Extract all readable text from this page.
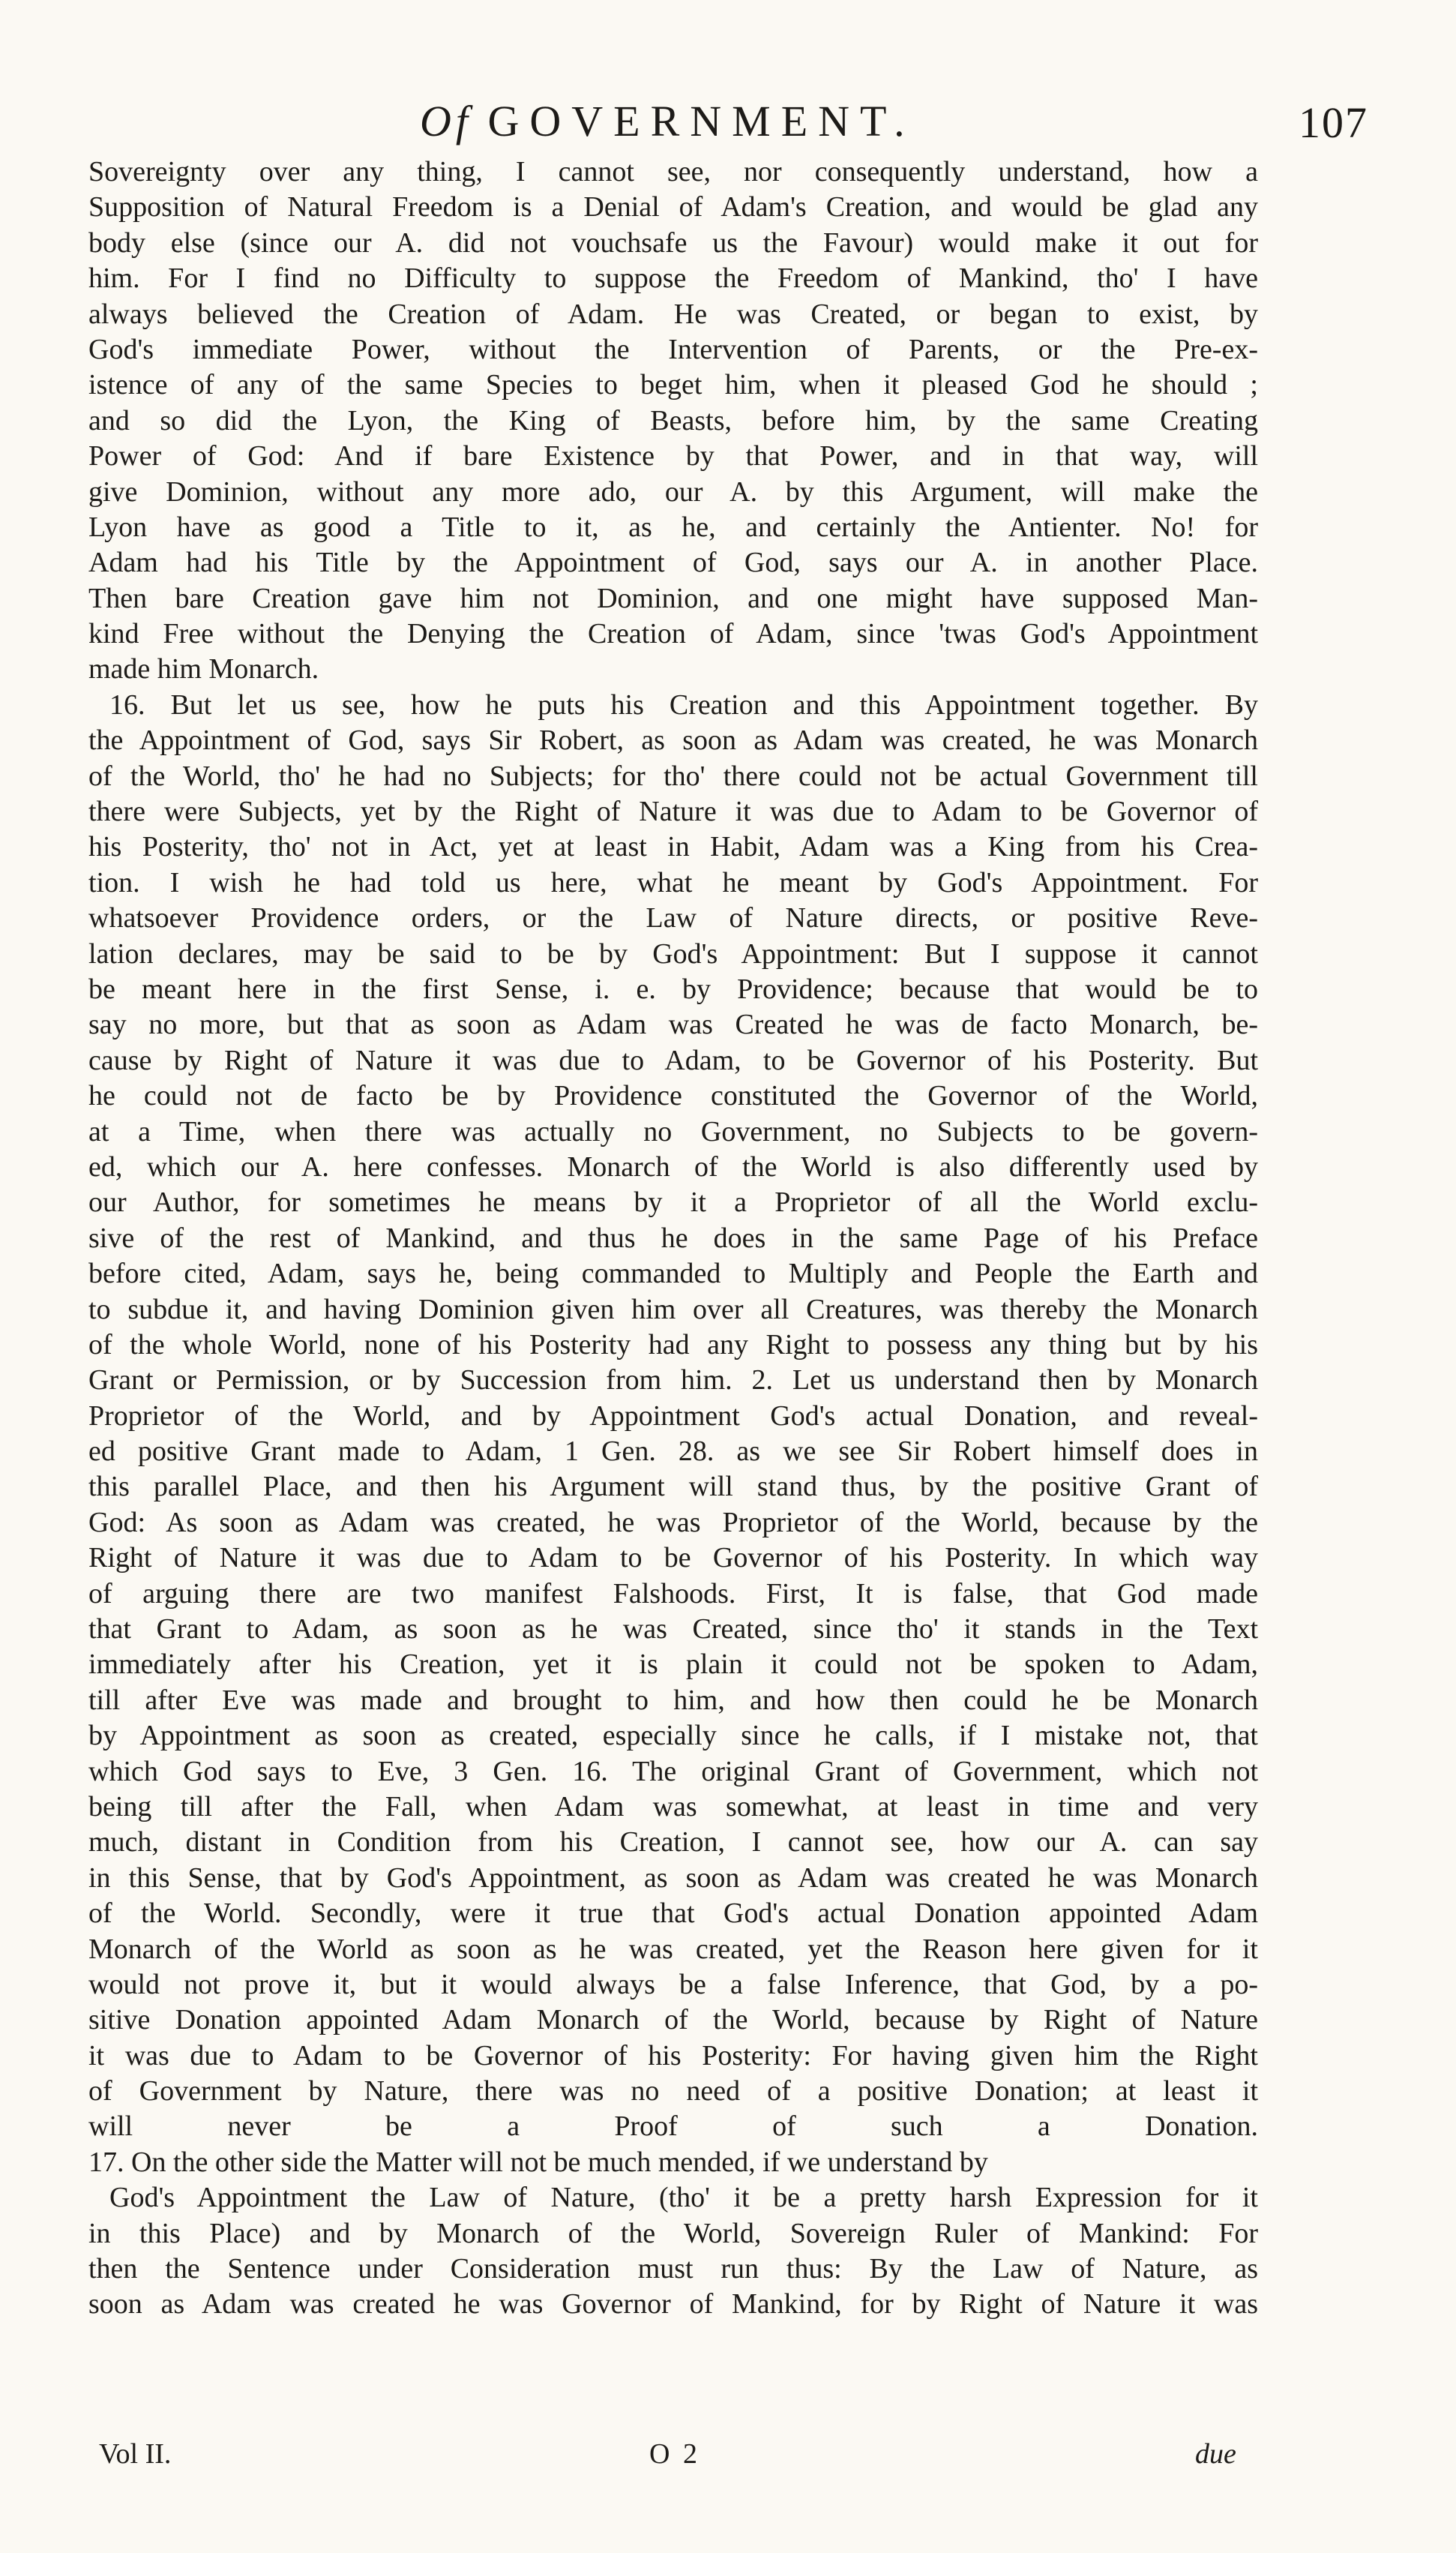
Of GOVERNMENT.	107
Sovereignty over any thing, I cannot see, nor consequently understand, how a
Supposition of Natural Freedom is a Denial of Adam's Creation, and would be glad any
body else (since our A. did not vouchsafe us the Favour) would make it out for
him. For I find no Difficulty to suppose the Freedom of Mankind, tho' I have
always believed the Creation of Adam. He was Created, or began to exist, by
God's immediate Power, without the Intervention of Parents, or the Pre-ex-
istence of any of the same Species to beget him, when it pleased God he should ;
and so did the Lyon, the King of Beasts, before him, by the same Creating
Power of God: And if bare Existence by that Power, and in that way, will
give Dominion, without any more ado, our A. by this Argument, will make the
Lyon have as good a Title to it, as he, and certainly the Antienter. No! for
Adam had his Title by the Appointment of God, says our A. in another Place.
Then bare Creation gave him not Dominion, and one might have supposed Man-
kind Free without the Denying the Creation of Adam, since 'twas God's Appointment
made him Monarch.
16. But let us see, how he puts his Creation and this Appointment together. By
the Appointment of God, says Sir Robert, as soon as Adam was created, he was Monarch
of the World, tho' he had no Subjects; for tho' there could not be actual Government till
there were Subjects, yet by the Right of Nature it was due to Adam to be Governor of
his Posterity, tho' not in Act, yet at least in Habit, Adam was a King from his Crea-
tion. I wish he had told us here, what he meant by God's Appointment. For
whatsoever Providence orders, or the Law of Nature directs, or positive Reve-
lation declares, may be said to be by God's Appointment: But I suppose it cannot
be meant here in the first Sense, i. e. by Providence; because that would be to
say no more, but that as soon as Adam was Created he was de facto Monarch, be-
cause by Right of Nature it was due to Adam, to be Governor of his Posterity. But
he could not de facto be by Providence constituted the Governor of the World,
at a Time, when there was actually no Government, no Subjects to be govern-
ed, which our A. here confesses. Monarch of the World is also differently used by
our Author, for sometimes he means by it a Proprietor of all the World exclu-
sive of the rest of Mankind, and thus he does in the same Page of his Preface
before cited, Adam, says he, being commanded to Multiply and People the Earth and
to subdue it, and having Dominion given him over all Creatures, was thereby the Monarch
of the whole World, none of his Posterity had any Right to possess any thing but by his
Grant or Permission, or by Succession from him. 2. Let us understand then by Monarch
Proprietor of the World, and by Appointment God's actual Donation, and reveal-
ed positive Grant made to Adam, 1 Gen. 28. as we see Sir Robert himself does in
this parallel Place, and then his Argument will stand thus, by the positive Grant of
God: As soon as Adam was created, he was Proprietor of the World, because by the
Right of Nature it was due to Adam to be Governor of his Posterity. In which way
of arguing there are two manifest Falshoods. First, It is false, that God made
that Grant to Adam, as soon as he was Created, since tho' it stands in the Text
immediately after his Creation, yet it is plain it could not be spoken to Adam,
till after Eve was made and brought to him, and how then could he be Monarch
by Appointment as soon as created, especially since he calls, if I mistake not, that
which God says to Eve, 3 Gen. 16. The original Grant of Government, which not
being till after the Fall, when Adam was somewhat, at least in time and very
much, distant in Condition from his Creation, I cannot see, how our A. can say
in this Sense, that by God's Appointment, as soon as Adam was created he was Monarch
of the World. Secondly, were it true that God's actual Donation appointed Adam
Monarch of the World as soon as he was created, yet the Reason here given for it
would not prove it, but it would always be a false Inference, that God, by a po-
sitive Donation appointed Adam Monarch of the World, because by Right of Nature
it was due to Adam to be Governor of his Posterity: For having given him the Right
of Government by Nature, there was no need of a positive Donation; at least it
will never be a Proof of such a Donation.
17. On the other side the Matter will not be much mended, if we understand by
God's Appointment the Law of Nature, (tho' it be a pretty harsh Expression for it
in this Place) and by Monarch of the World, Sovereign Ruler of Mankind: For
then the Sentence under Consideration must run thus: By the Law of Nature, as
soon as Adam was created he was Governor of Mankind, for by Right of Nature it was
Vol II.	O 2	due
